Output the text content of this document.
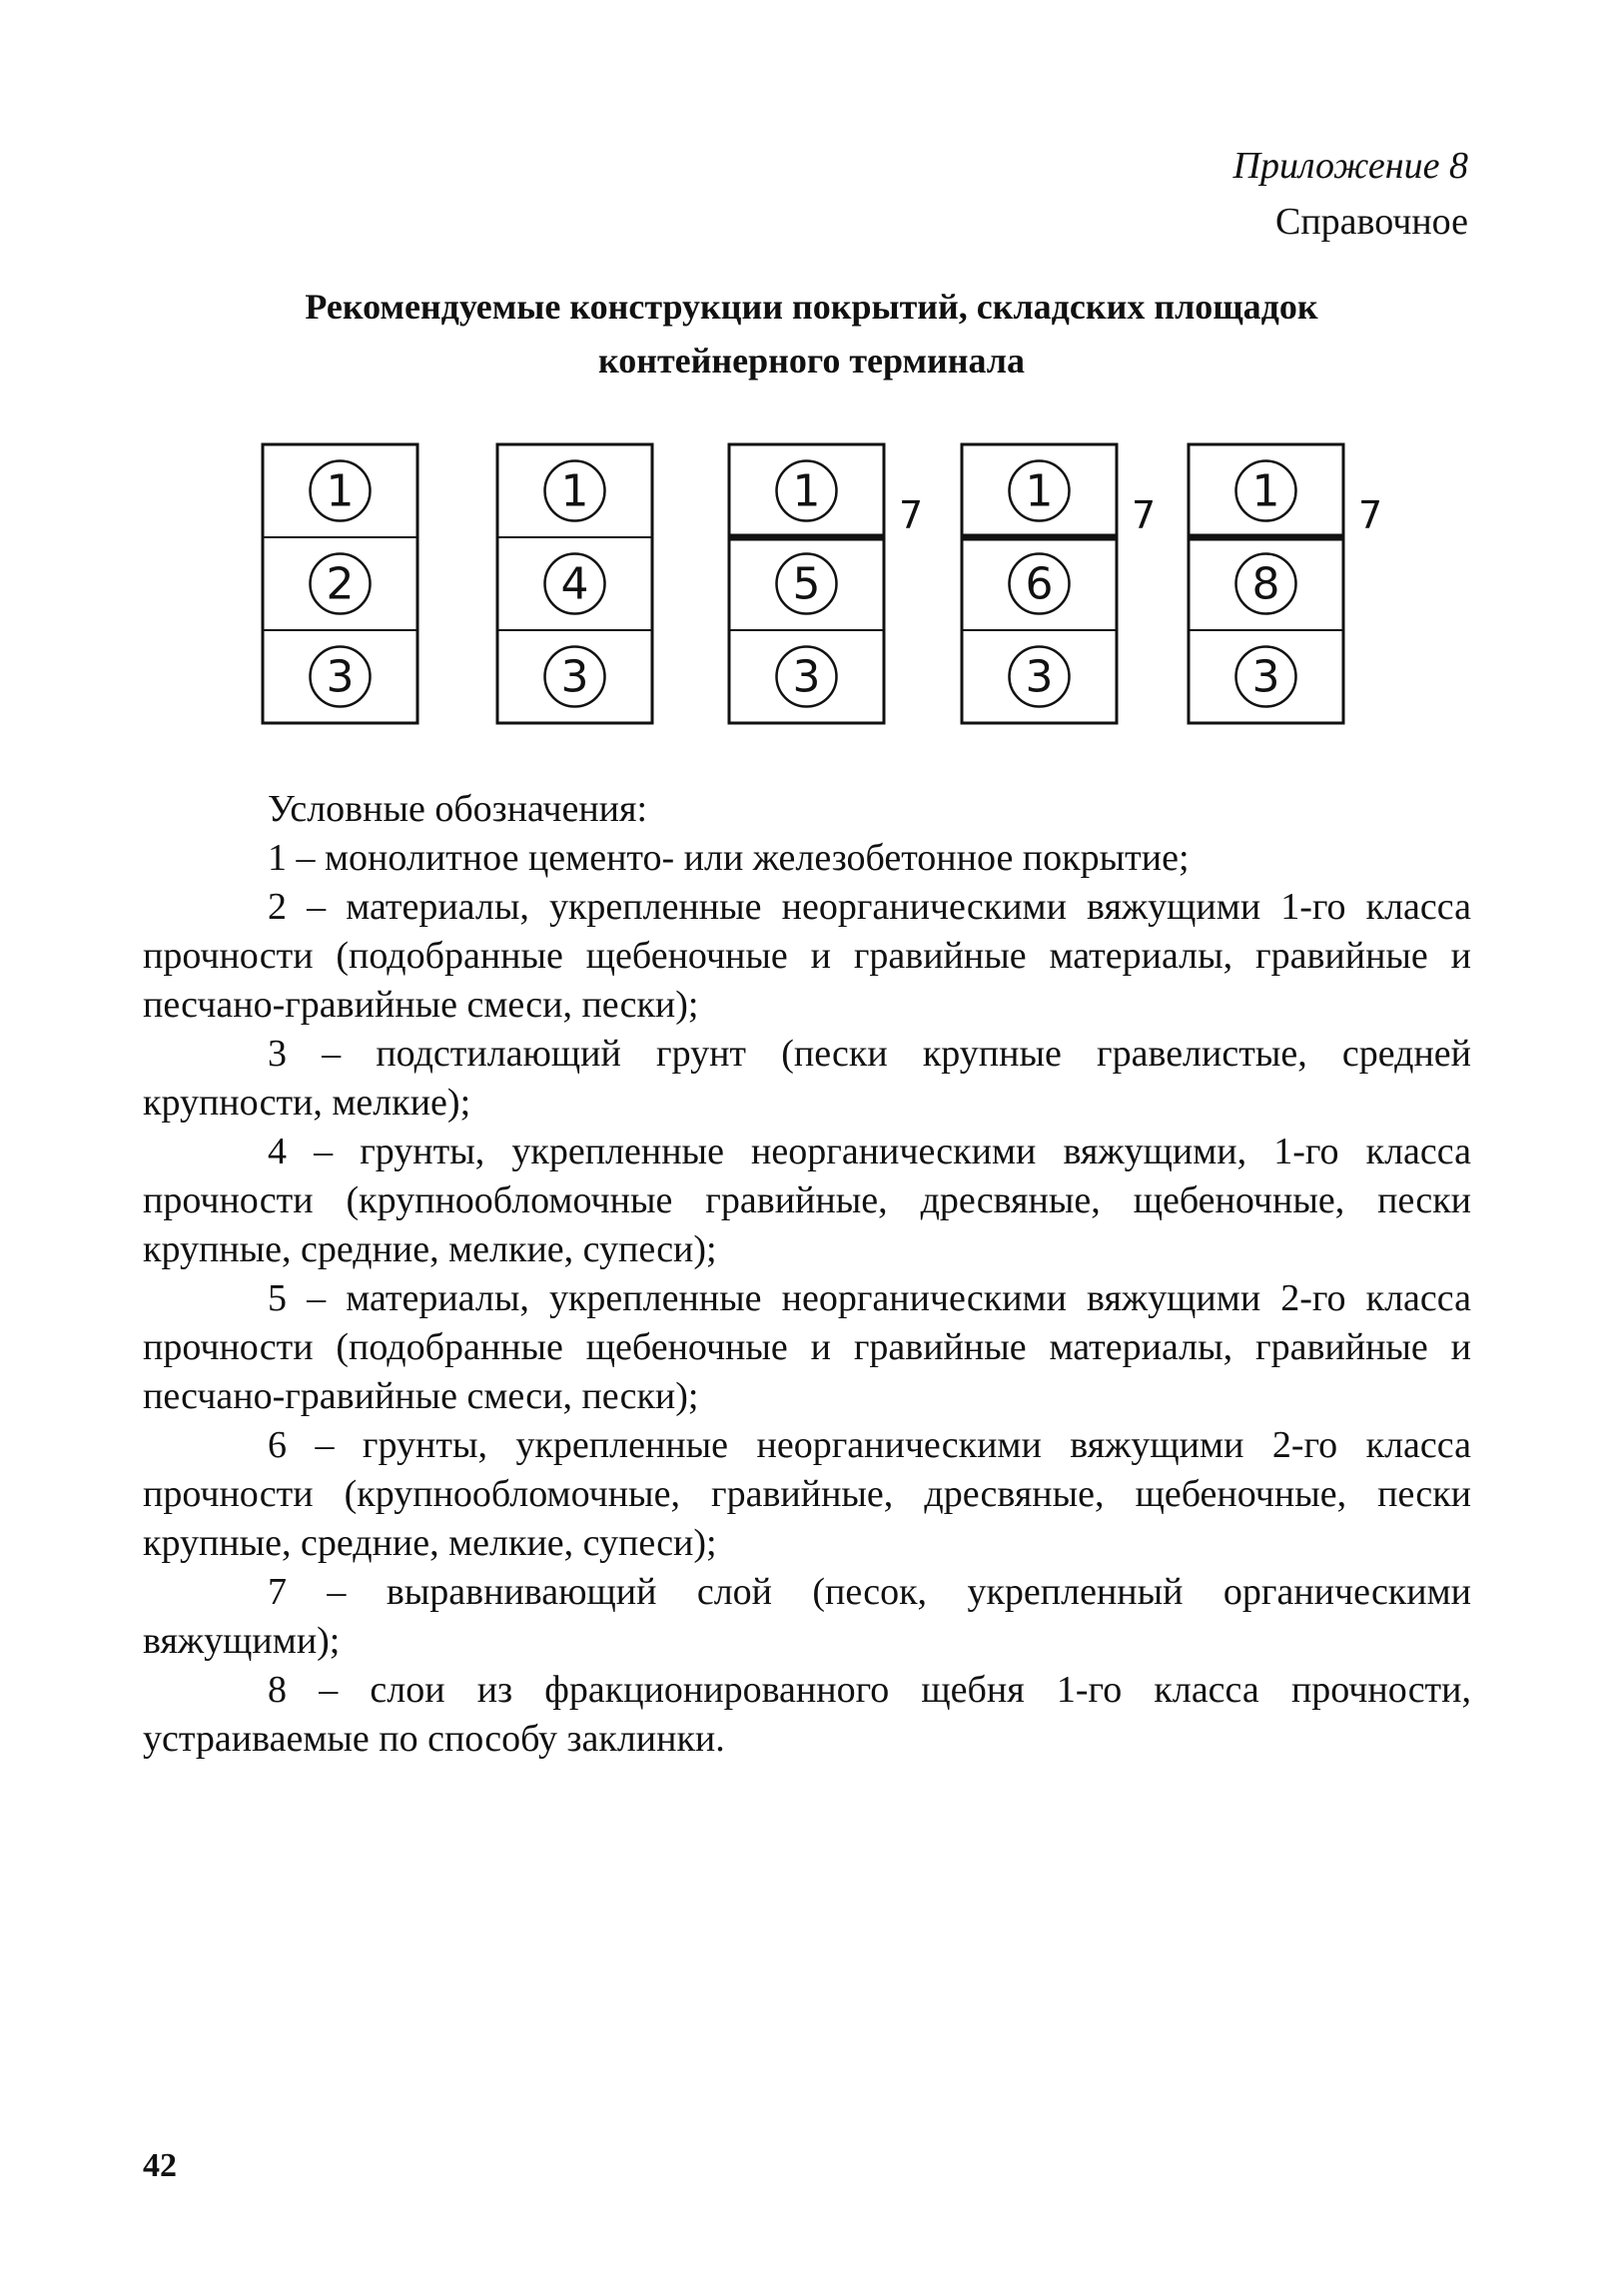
Приложение 8
Справочное
Рекомендуемые конструкции покрытий, складских площадок
контейнерного терминала
1
2
3
1
4
3
1
5
3
7 1
6
3
7 1
8
3
7
Условные обозначения:
1 – монолитное цементо- или железобетонное покрытие;
2 – материалы, укрепленные неорганическими вяжущими 1-го класса прочности (подобранные щебеночные и гравийные материалы, гравийные и песчано-гравийные смеси, пески);
3 – подстилающий грунт (пески крупные гравелистые, средней крупности, мелкие);
4 – грунты, укрепленные неорганическими вяжущими, 1-го класса прочности (крупнообломочные гравийные, дресвяные, щебеночные, пески крупные, средние, мелкие, супеси);
5 – материалы, укрепленные неорганическими вяжущими 2-го класса прочности (подобранные щебеночные и гравийные материалы, гравийные и песчано-гравийные смеси, пески);
6 – грунты, укрепленные неорганическими вяжущими 2-го класса прочности (крупнообломочные, гравийные, дресвяные, щебеночные, пески крупные, средние, мелкие, супеси);
7 – выравнивающий слой (песок, укрепленный органическими вяжущими);
8 – слои из фракционированного щебня 1-го класса прочности, устраиваемые по способу заклинки.
42
